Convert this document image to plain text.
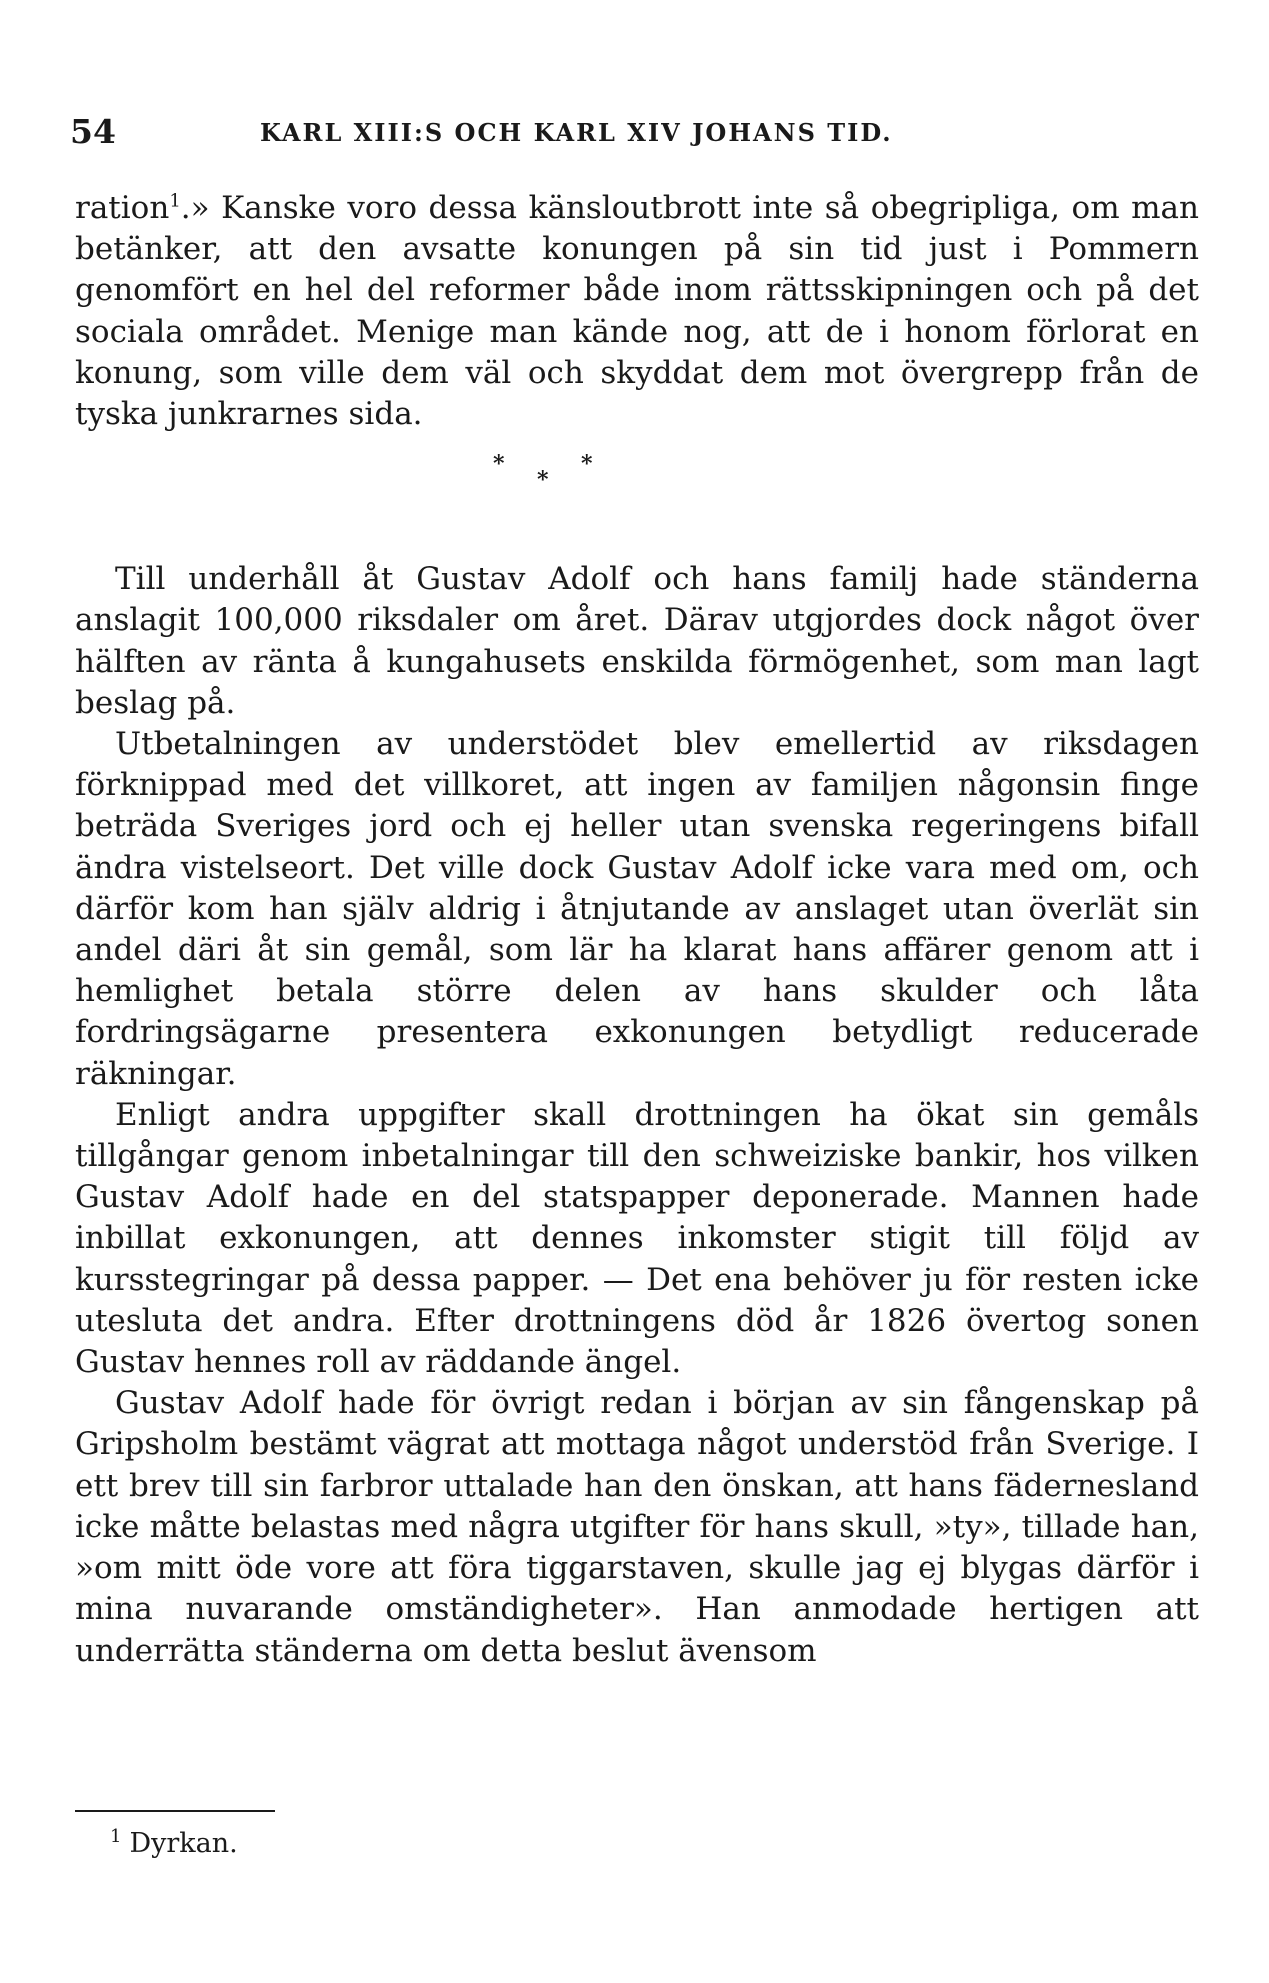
54	KARL XIII:S OCH KARL XIV JOHANS TID.

ration$^1$.» Kanske voro dessa känsloutbrott inte så obegripliga, om man betänker, att den avsatte konungen på sin tid just i Pommern genomfört en hel del reformer både inom rättsskipningen och på det sociala området. Menige man kände nog, att de i honom förlorat en konung, som ville dem väl och skyddat dem mot övergrepp från de tyska junkrarnes sida.

*
*
*

Till underhåll åt Gustav Adolf och hans familj hade ständerna anslagit 100,000 riksdaler om året. Därav utgjordes dock något över hälften av ränta å kungahusets enskilda förmögenhet, som man lagt beslag på.

Utbetalningen av understödet blev emellertid av riksdagen förknippad med det villkoret, att ingen av familjen någonsin finge beträda Sveriges jord och ej heller utan svenska regeringens bifall ändra vistelseort. Det ville dock Gustav Adolf icke vara med om, och därför kom han själv aldrig i åtnjutande av anslaget utan överlät sin andel däri åt sin gemål, som lär ha klarat hans affärer genom att i hemlighet betala större delen av hans skulder och låta fordringsägarne presentera exkonungen betydligt reducerade räkningar.

Enligt andra uppgifter skall drottningen ha ökat sin gemåls tillgångar genom inbetalningar till den schweiziske bankir, hos vilken Gustav Adolf hade en del statspapper deponerade. Mannen hade inbillat exkonungen, att dennes inkomster stigit till följd av kursstegringar på dessa papper. — Det ena behöver ju för resten icke utesluta det andra. Efter drottningens död år 1826 övertog sonen Gustav hennes roll av räddande ängel.

Gustav Adolf hade för övrigt redan i början av sin fångenskap på Gripsholm bestämt vägrat att mottaga något understöd från Sverige. I ett brev till sin farbror uttalade han den önskan, att hans fädernesland icke måtte belastas med några utgifter för hans skull, »ty», tillade han, »om mitt öde vore att föra tiggarstaven, skulle jag ej blygas därför i mina nuvarande omständigheter». Han anmodade hertigen att underrätta ständerna om detta beslut ävensom

$^1$ Dyrkan.
